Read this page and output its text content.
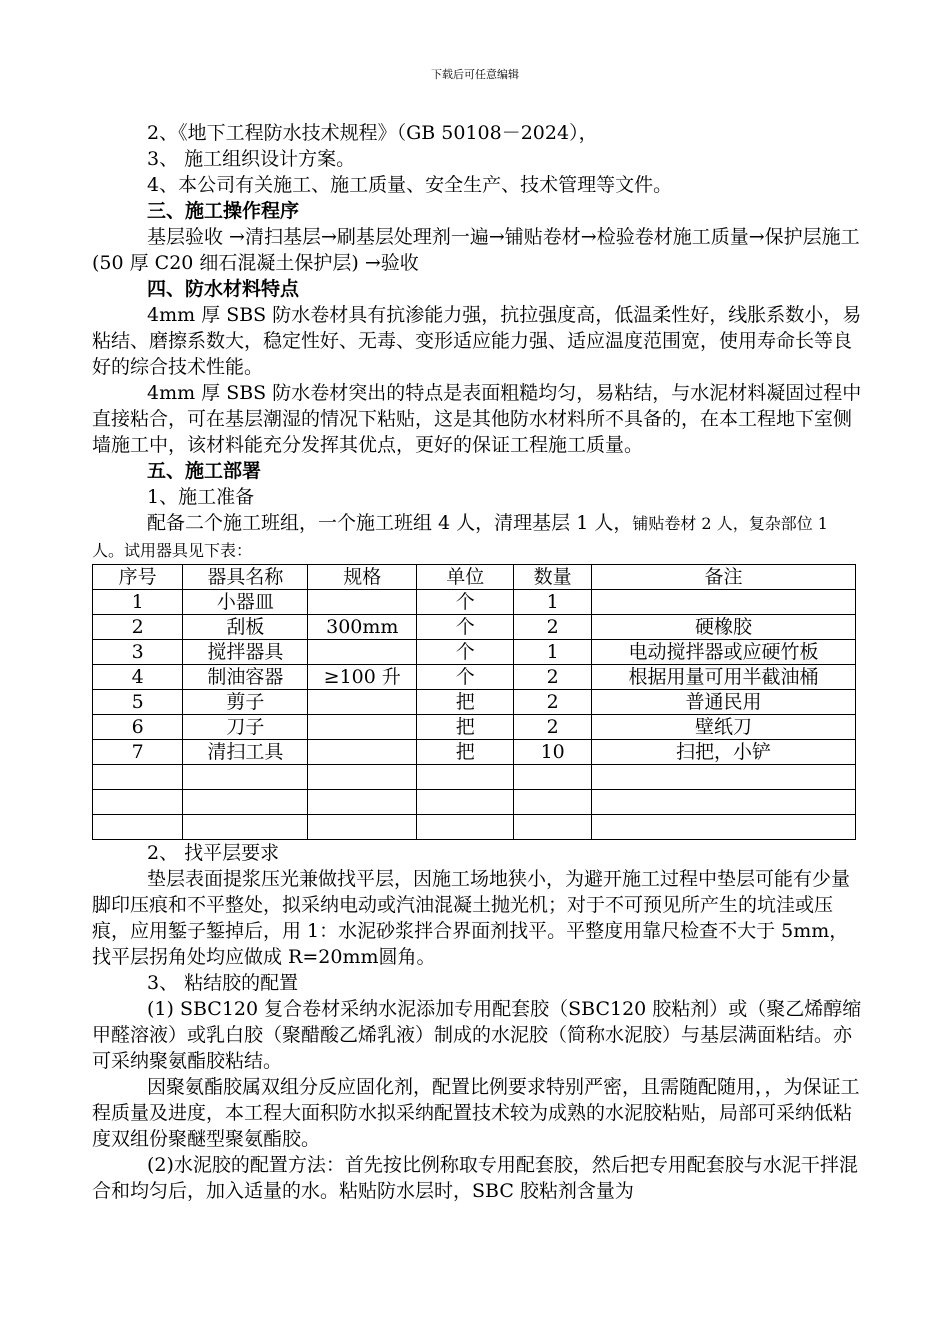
下载后可任意编辑

2、《地下工程防水技术规程》（GB 50108－2024），

3、 施工组织设计方案。

4、本公司有关施工、施工质量、安全生产、技术管理等文件。

三、施工操作程序

基层验收 →清扫基层→刷基层处理剂一遍→铺贴卷材→检验卷材施工质量→保护层施工(50 厚 C20 细石混凝土保护层) →验收

四、防水材料特点

4mm 厚 SBS 防水卷材具有抗渗能力强，抗拉强度高，低温柔性好，线胀系数小，易粘结、磨擦系数大，稳定性好、无毒、变形适应能力强、适应温度范围宽，使用寿命长等良好的综合技术性能。

4mm 厚 SBS 防水卷材突出的特点是表面粗糙均匀，易粘结，与水泥材料凝固过程中直接粘合，可在基层潮湿的情况下粘贴，这是其他防水材料所不具备的，在本工程地下室侧墙施工中，该材料能充分发挥其优点，更好的保证工程施工质量。

五、施工部署

1、施工准备

配备二个施工班组，一个施工班组 4 人，清理基层 1 人，铺贴卷材 2 人，复杂部位 1 人。试用器具见下表：

序号	器具名称	规格	单位	数量	备注
1	小器皿		个	1	
2	刮板	300mm	个	2	硬橡胶
3	搅拌器具		个	1	电动搅拌器或应硬竹板
4	制油容器	≥100 升	个	2	根据用量可用半截油桶
5	剪子		把	2	普通民用
6	刀子		把	2	壁纸刀
7	清扫工具		把	10	扫把，小铲

2、 找平层要求

垫层表面提浆压光兼做找平层，因施工场地狭小，为避开施工过程中垫层可能有少量脚印压痕和不平整处，拟采纳电动或汽油混凝土抛光机；对于不可预见所产生的坑洼或压痕，应用錾子錾掉后，用 1：水泥砂浆拌合界面剂找平。平整度用靠尺检查不大于 5mm，找平层拐角处均应做成 R=20mm圆角。

3、 粘结胶的配置

(1) SBC120 复合卷材采纳水泥添加专用配套胶（SBC120 胶粘剂）或（聚乙烯醇缩甲醛溶液）或乳白胶（聚醋酸乙烯乳液）制成的水泥胶（简称水泥胶）与基层满面粘结。亦可采纳聚氨酯胶粘结。

因聚氨酯胶属双组分反应固化剂，配置比例要求特别严密，且需随配随用，，为保证工程质量及进度，本工程大面积防水拟采纳配置技术较为成熟的水泥胶粘贴，局部可采纳低粘度双组份聚醚型聚氨酯胶。

(2)水泥胶的配置方法：首先按比例称取专用配套胶，然后把专用配套胶与水泥干拌混合和均匀后，加入适量的水。粘贴防水层时，SBC 胶粘剂含量为
